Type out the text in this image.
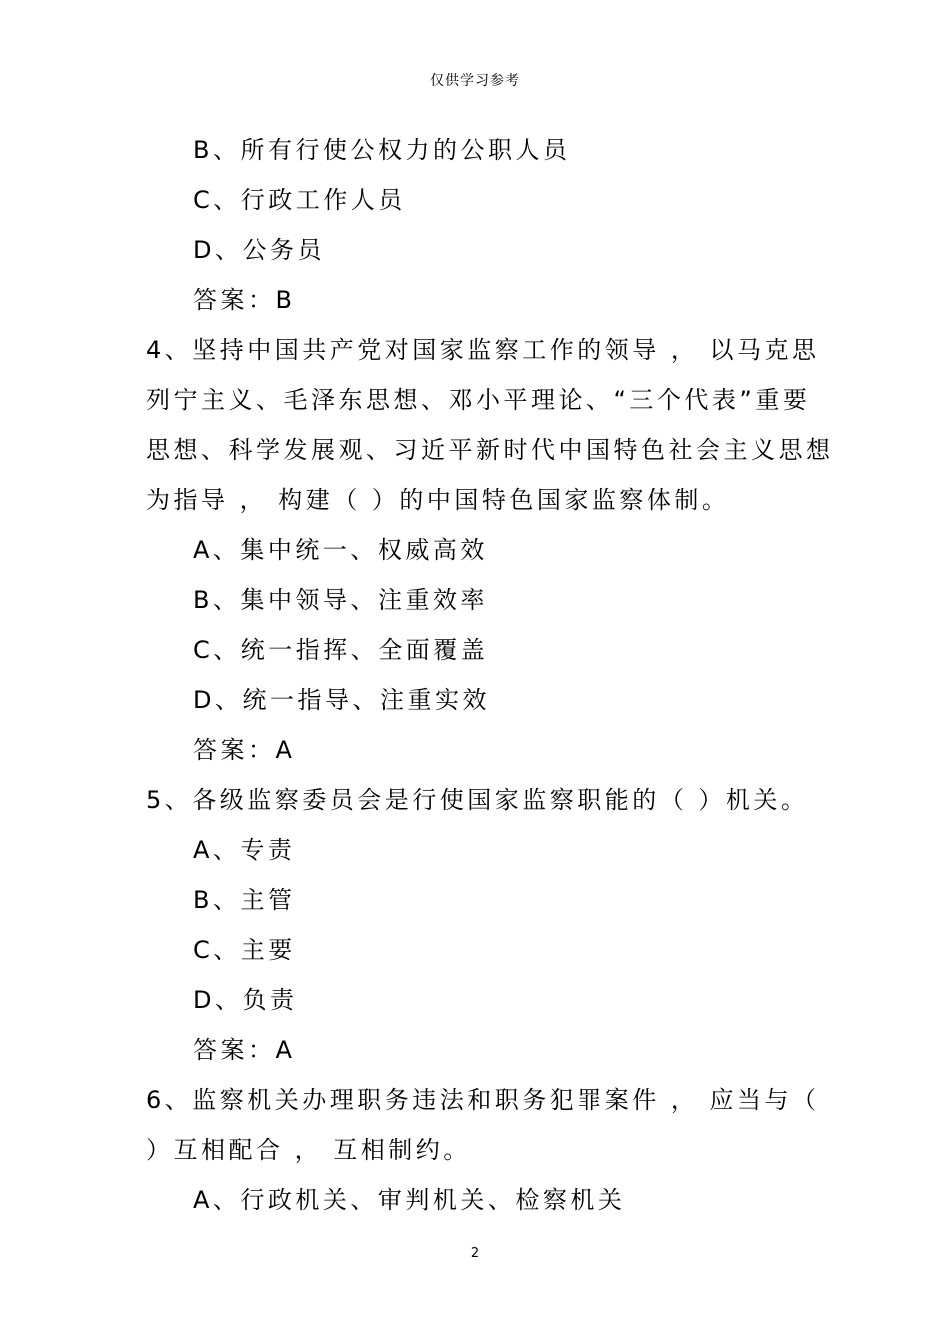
仅供学习参考
B、所有行使公权力的公职人员
C、行政工作人员
D、公务员
答案：B
4、坚持中国共产党对国家监察工作的领导 ， 以马克思
列宁主义、毛泽东思想、邓小平理论、“三个代表”重要
思想、科学发展观、习近平新时代中国特色社会主义思想
为指导 ， 构建（ ）的中国特色国家监察体制。
A、集中统一、权威高效
B、集中领导、注重效率
C、统一指挥、全面覆盖
D、统一指导、注重实效
答案：A
5、各级监察委员会是行使国家监察职能的（ ）机关。
A、专责
B、主管
C、主要
D、负责
答案：A
6、监察机关办理职务违法和职务犯罪案件 ， 应当与（
）互相配合 ， 互相制约。
A、行政机关、审判机关、检察机关
2
